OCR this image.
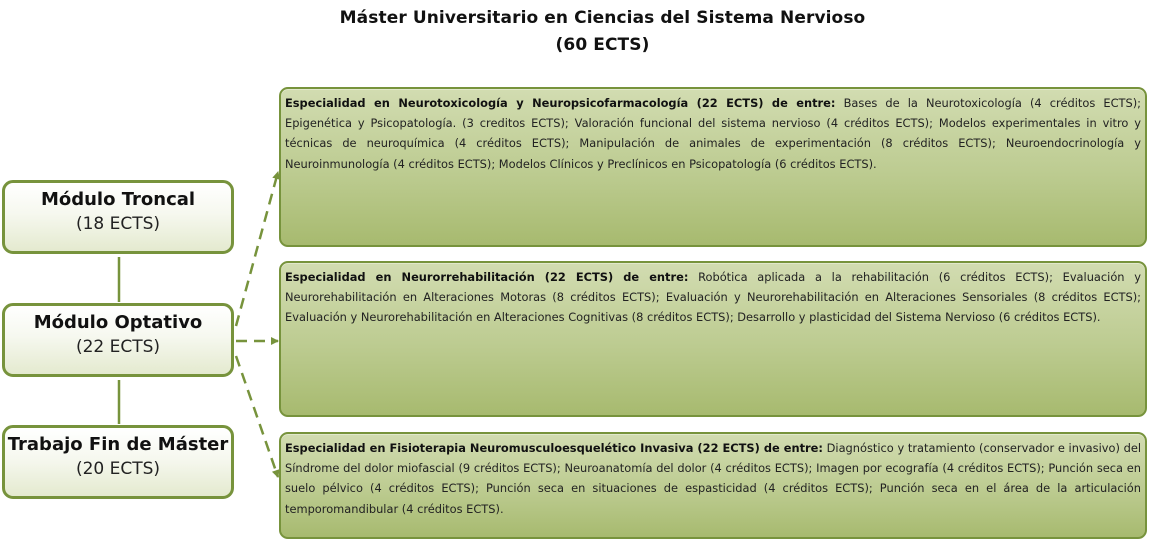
Máster Universitario en Ciencias del Sistema Nervioso
(60 ECTS)
Módulo Troncal
(18 ECTS)
Módulo Optativo
(22 ECTS)
Trabajo Fin de Máster
(20 ECTS)
Especialidad en Neurotoxicología y Neuropsicofarmacología (22 ECTS) de entre: Bases de la Neurotoxicología (4 créditos ECTS); Epigenética y Psicopatología. (3 creditos ECTS); Valoración funcional del sistema nervioso (4 créditos ECTS); Modelos experimentales in vitro y técnicas de neuroquímica (4 créditos ECTS); Manipulación de animales de experimentación (8 créditos ECTS); Neuroendocrinología y Neuroinmunología (4 créditos ECTS); Modelos Clínicos y Preclínicos en Psicopatología (6 créditos ECTS).
Especialidad en Neurorrehabilitación (22 ECTS) de entre: Robótica aplicada a la rehabilitación (6 créditos ECTS); Evaluación y Neurorehabilitación en Alteraciones Motoras (8 créditos ECTS); Evaluación y Neurorehabilitación en Alteraciones Sensoriales (8 créditos ECTS); Evaluación y Neurorehabilitación en Alteraciones Cognitivas (8 créditos ECTS); Desarrollo y plasticidad del Sistema Nervioso (6 créditos ECTS).
Especialidad en Fisioterapia Neuromusculoesquelético Invasiva (22 ECTS) de entre: Diagnóstico y tratamiento (conservador e invasivo) del Síndrome del dolor miofascial (9 créditos ECTS); Neuroanatomía del dolor (4 créditos ECTS); Imagen por ecografía (4 créditos ECTS); Punción seca en suelo pélvico (4 créditos ECTS); Punción seca en situaciones de espasticidad (4 créditos ECTS); Punción seca en el área de la articulación temporomandibular (4 créditos ECTS).
